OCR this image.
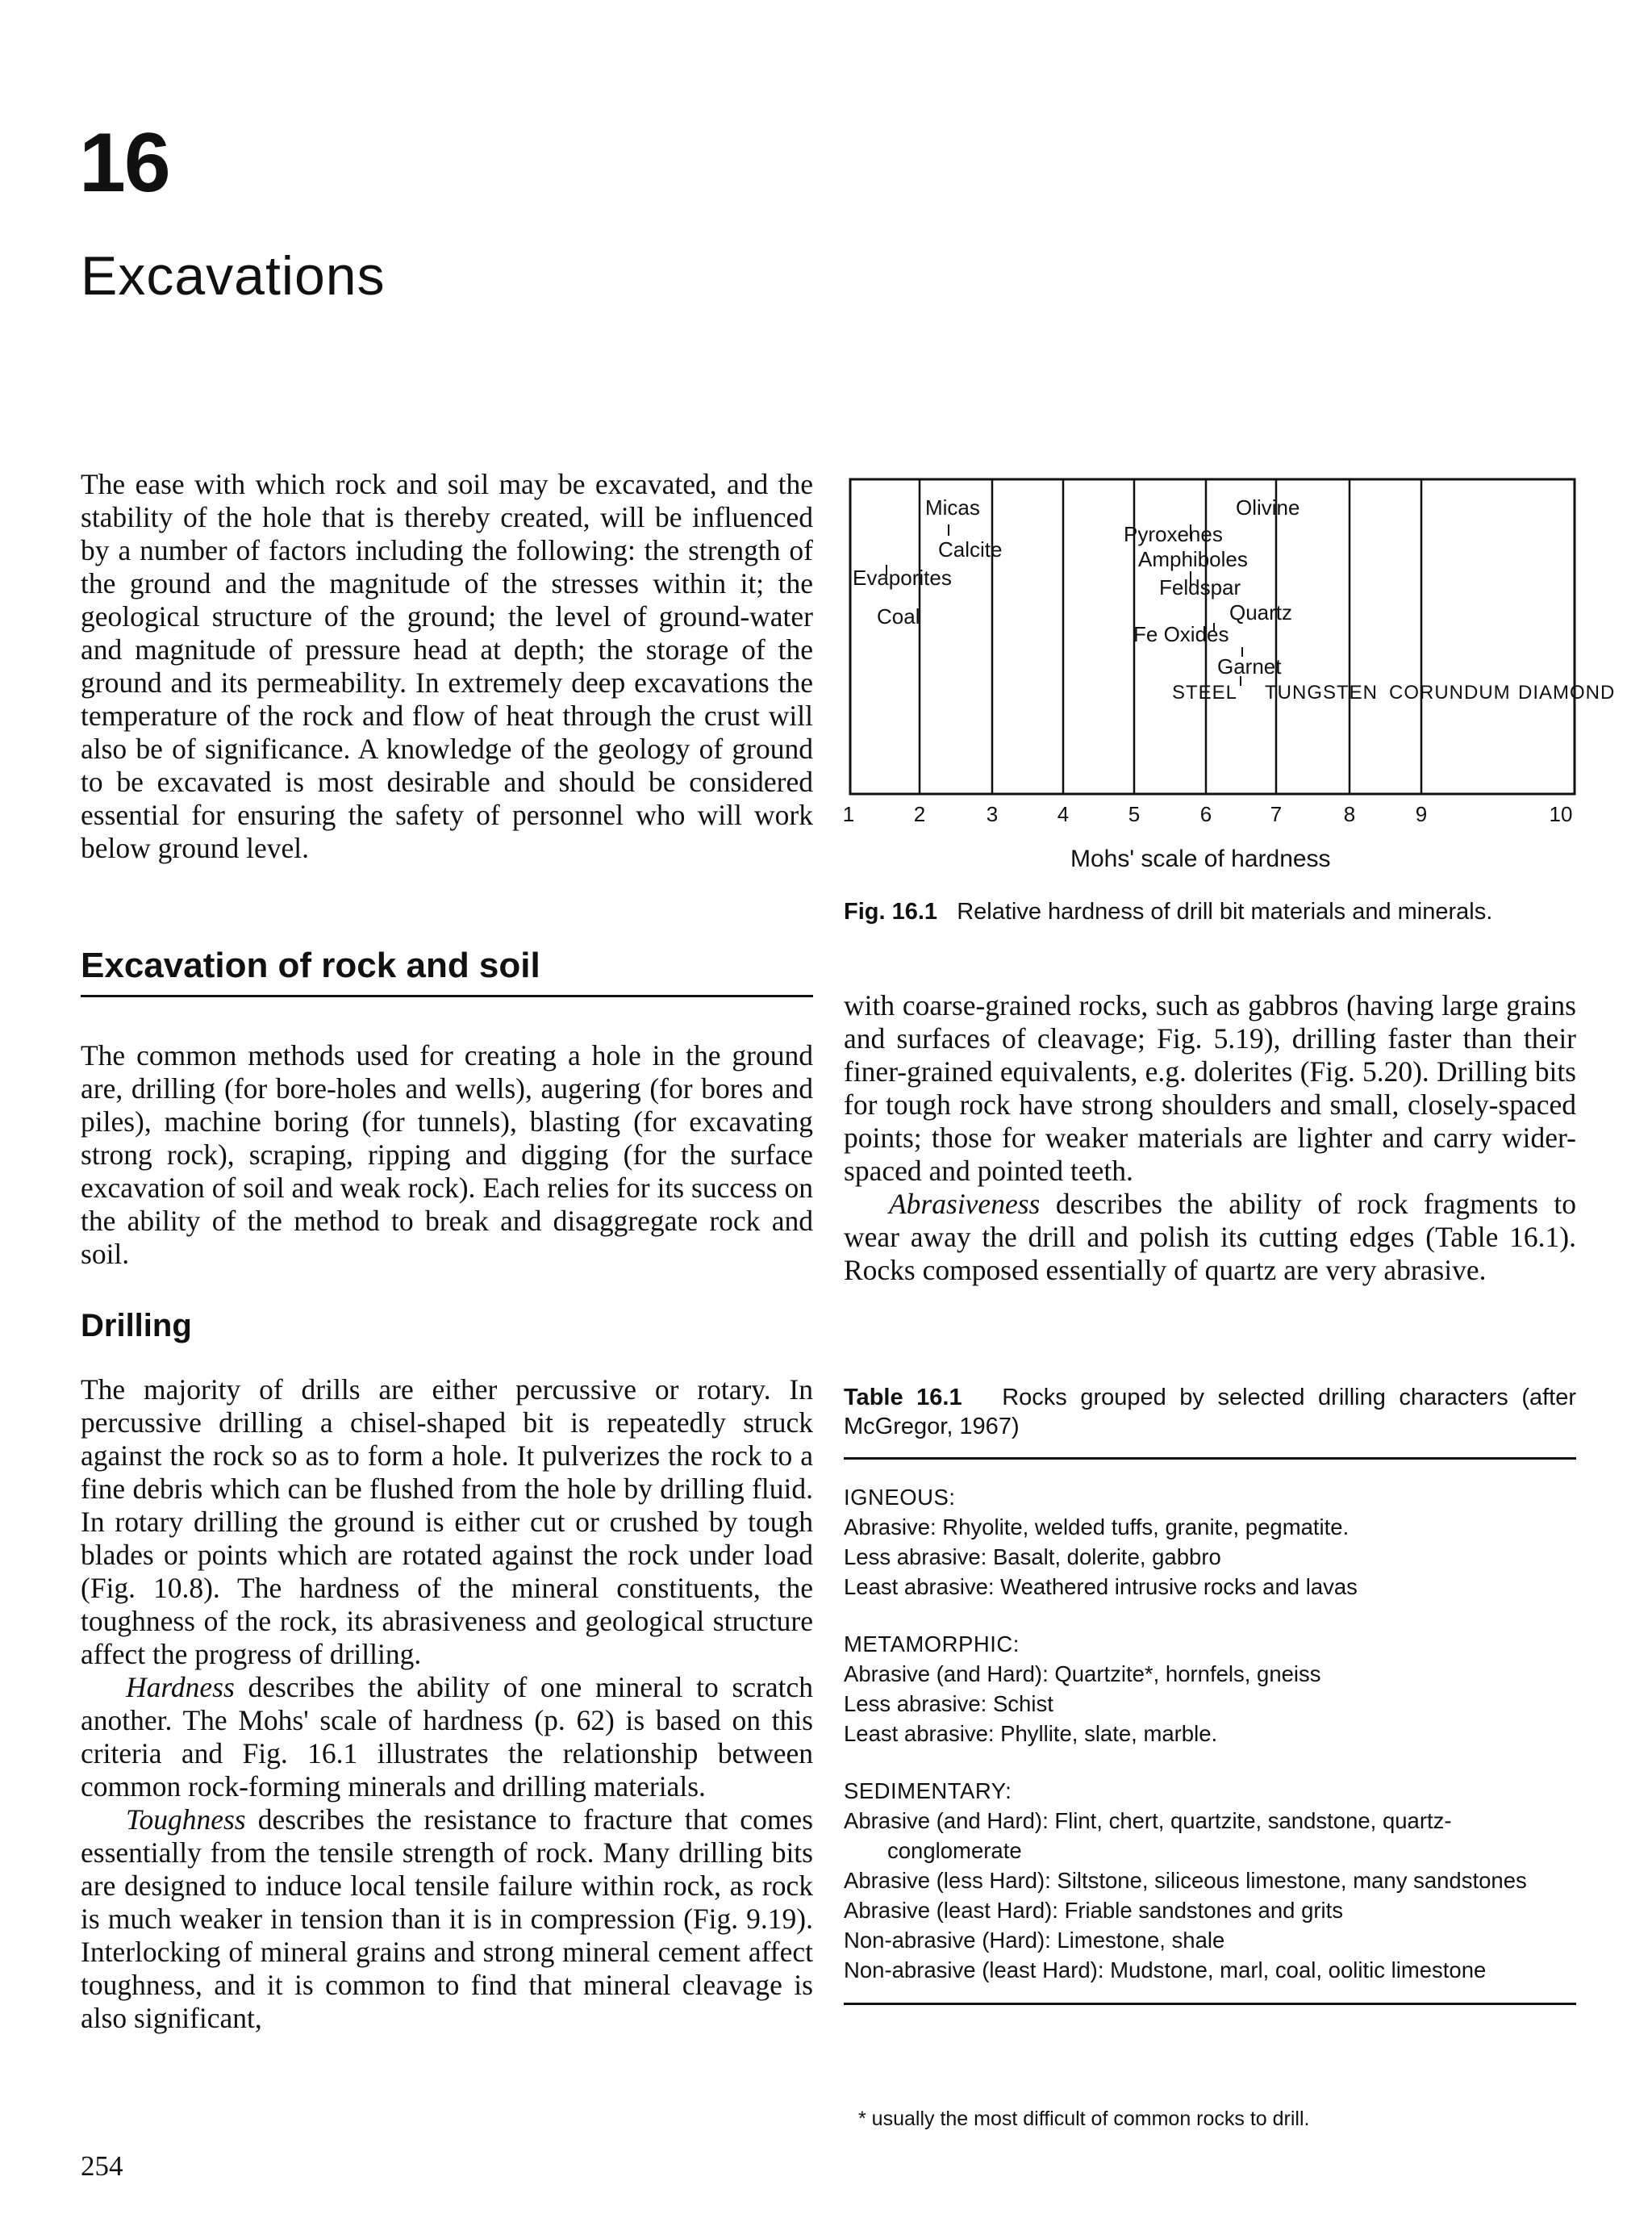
16
Excavations

The ease with which rock and soil may be excavated, and the stability of the hole that is thereby created, will be influenced by a number of factors including the following: the strength of the ground and the magnitude of the stresses within it; the geological structure of the ground; the level of ground-water and magnitude of pressure head at depth; the storage of the ground and its permeability. In extremely deep excavations the temperature of the rock and flow of heat through the crust will also be of significance. A knowledge of the geology of ground to be excavated is most desirable and should be considered essential for ensuring the safety of personnel who will work below ground level.

Excavation of rock and soil

The common methods used for creating a hole in the ground are, drilling (for bore-holes and wells), augering (for bores and piles), machine boring (for tunnels), blasting (for excavating strong rock), scraping, ripping and digging (for the surface excavation of soil and weak rock). Each relies for its success on the ability of the method to break and disaggregate rock and soil.

Drilling

The majority of drills are either percussive or rotary. In percussive drilling a chisel-shaped bit is repeatedly struck against the rock so as to form a hole. It pulverizes the rock to a fine debris which can be flushed from the hole by drilling fluid. In rotary drilling the ground is either cut or crushed by tough blades or points which are rotated against the rock under load (Fig. 10.8). The hardness of the mineral constituents, the toughness of the rock, its abrasiveness and geological structure affect the progress of drilling.

Hardness describes the ability of one mineral to scratch another. The Mohs' scale of hardness (p. 62) is based on this criteria and Fig. 16.1 illustrates the relationship between common rock-forming minerals and drilling materials.

Toughness describes the resistance to fracture that comes essentially from the tensile strength of rock. Many drilling bits are designed to induce local tensile failure within rock, as rock is much weaker in tension than it is in compression (Fig. 9.19). Interlocking of mineral grains and strong mineral cement affect toughness, and it is common to find that mineral cleavage is also significant,

Micas
Calcite
Evaporites
Coal
Olivine
Pyroxenes
Amphiboles
Feldspar
Quartz
Fe Oxides
Garnet
STEEL TUNGSTEN CORUNDUM DIAMOND
1	2	3	4	5	6	7	8	9	10
Mohs' scale of hardness
Fig. 16.1 Relative hardness of drill bit materials and minerals.

with coarse-grained rocks, such as gabbros (having large grains and surfaces of cleavage; Fig. 5.19), drilling faster than their finer-grained equivalents, e.g. dolerites (Fig. 5.20). Drilling bits for tough rock have strong shoulders and small, closely-spaced points; those for weaker materials are lighter and carry wider-spaced and pointed teeth.

Abrasiveness describes the ability of rock fragments to wear away the drill and polish its cutting edges (Table 16.1). Rocks composed essentially of quartz are very abrasive.

Table 16.1 Rocks grouped by selected drilling characters (after McGregor, 1967)
IGNEOUS:
Abrasive: Rhyolite, welded tuffs, granite, pegmatite.
Less abrasive: Basalt, dolerite, gabbro
Least abrasive: Weathered intrusive rocks and lavas
METAMORPHIC:
Abrasive (and Hard): Quartzite*, hornfels, gneiss
Less abrasive: Schist
Least abrasive: Phyllite, slate, marble.
SEDIMENTARY:
Abrasive (and Hard): Flint, chert, quartzite, sandstone, quartz-conglomerate
Abrasive (less Hard): Siltstone, siliceous limestone, many sandstones
Abrasive (least Hard): Friable sandstones and grits
Non-abrasive (Hard): Limestone, shale
Non-abrasive (least Hard): Mudstone, marl, coal, oolitic limestone
* usually the most difficult of common rocks to drill.
254
